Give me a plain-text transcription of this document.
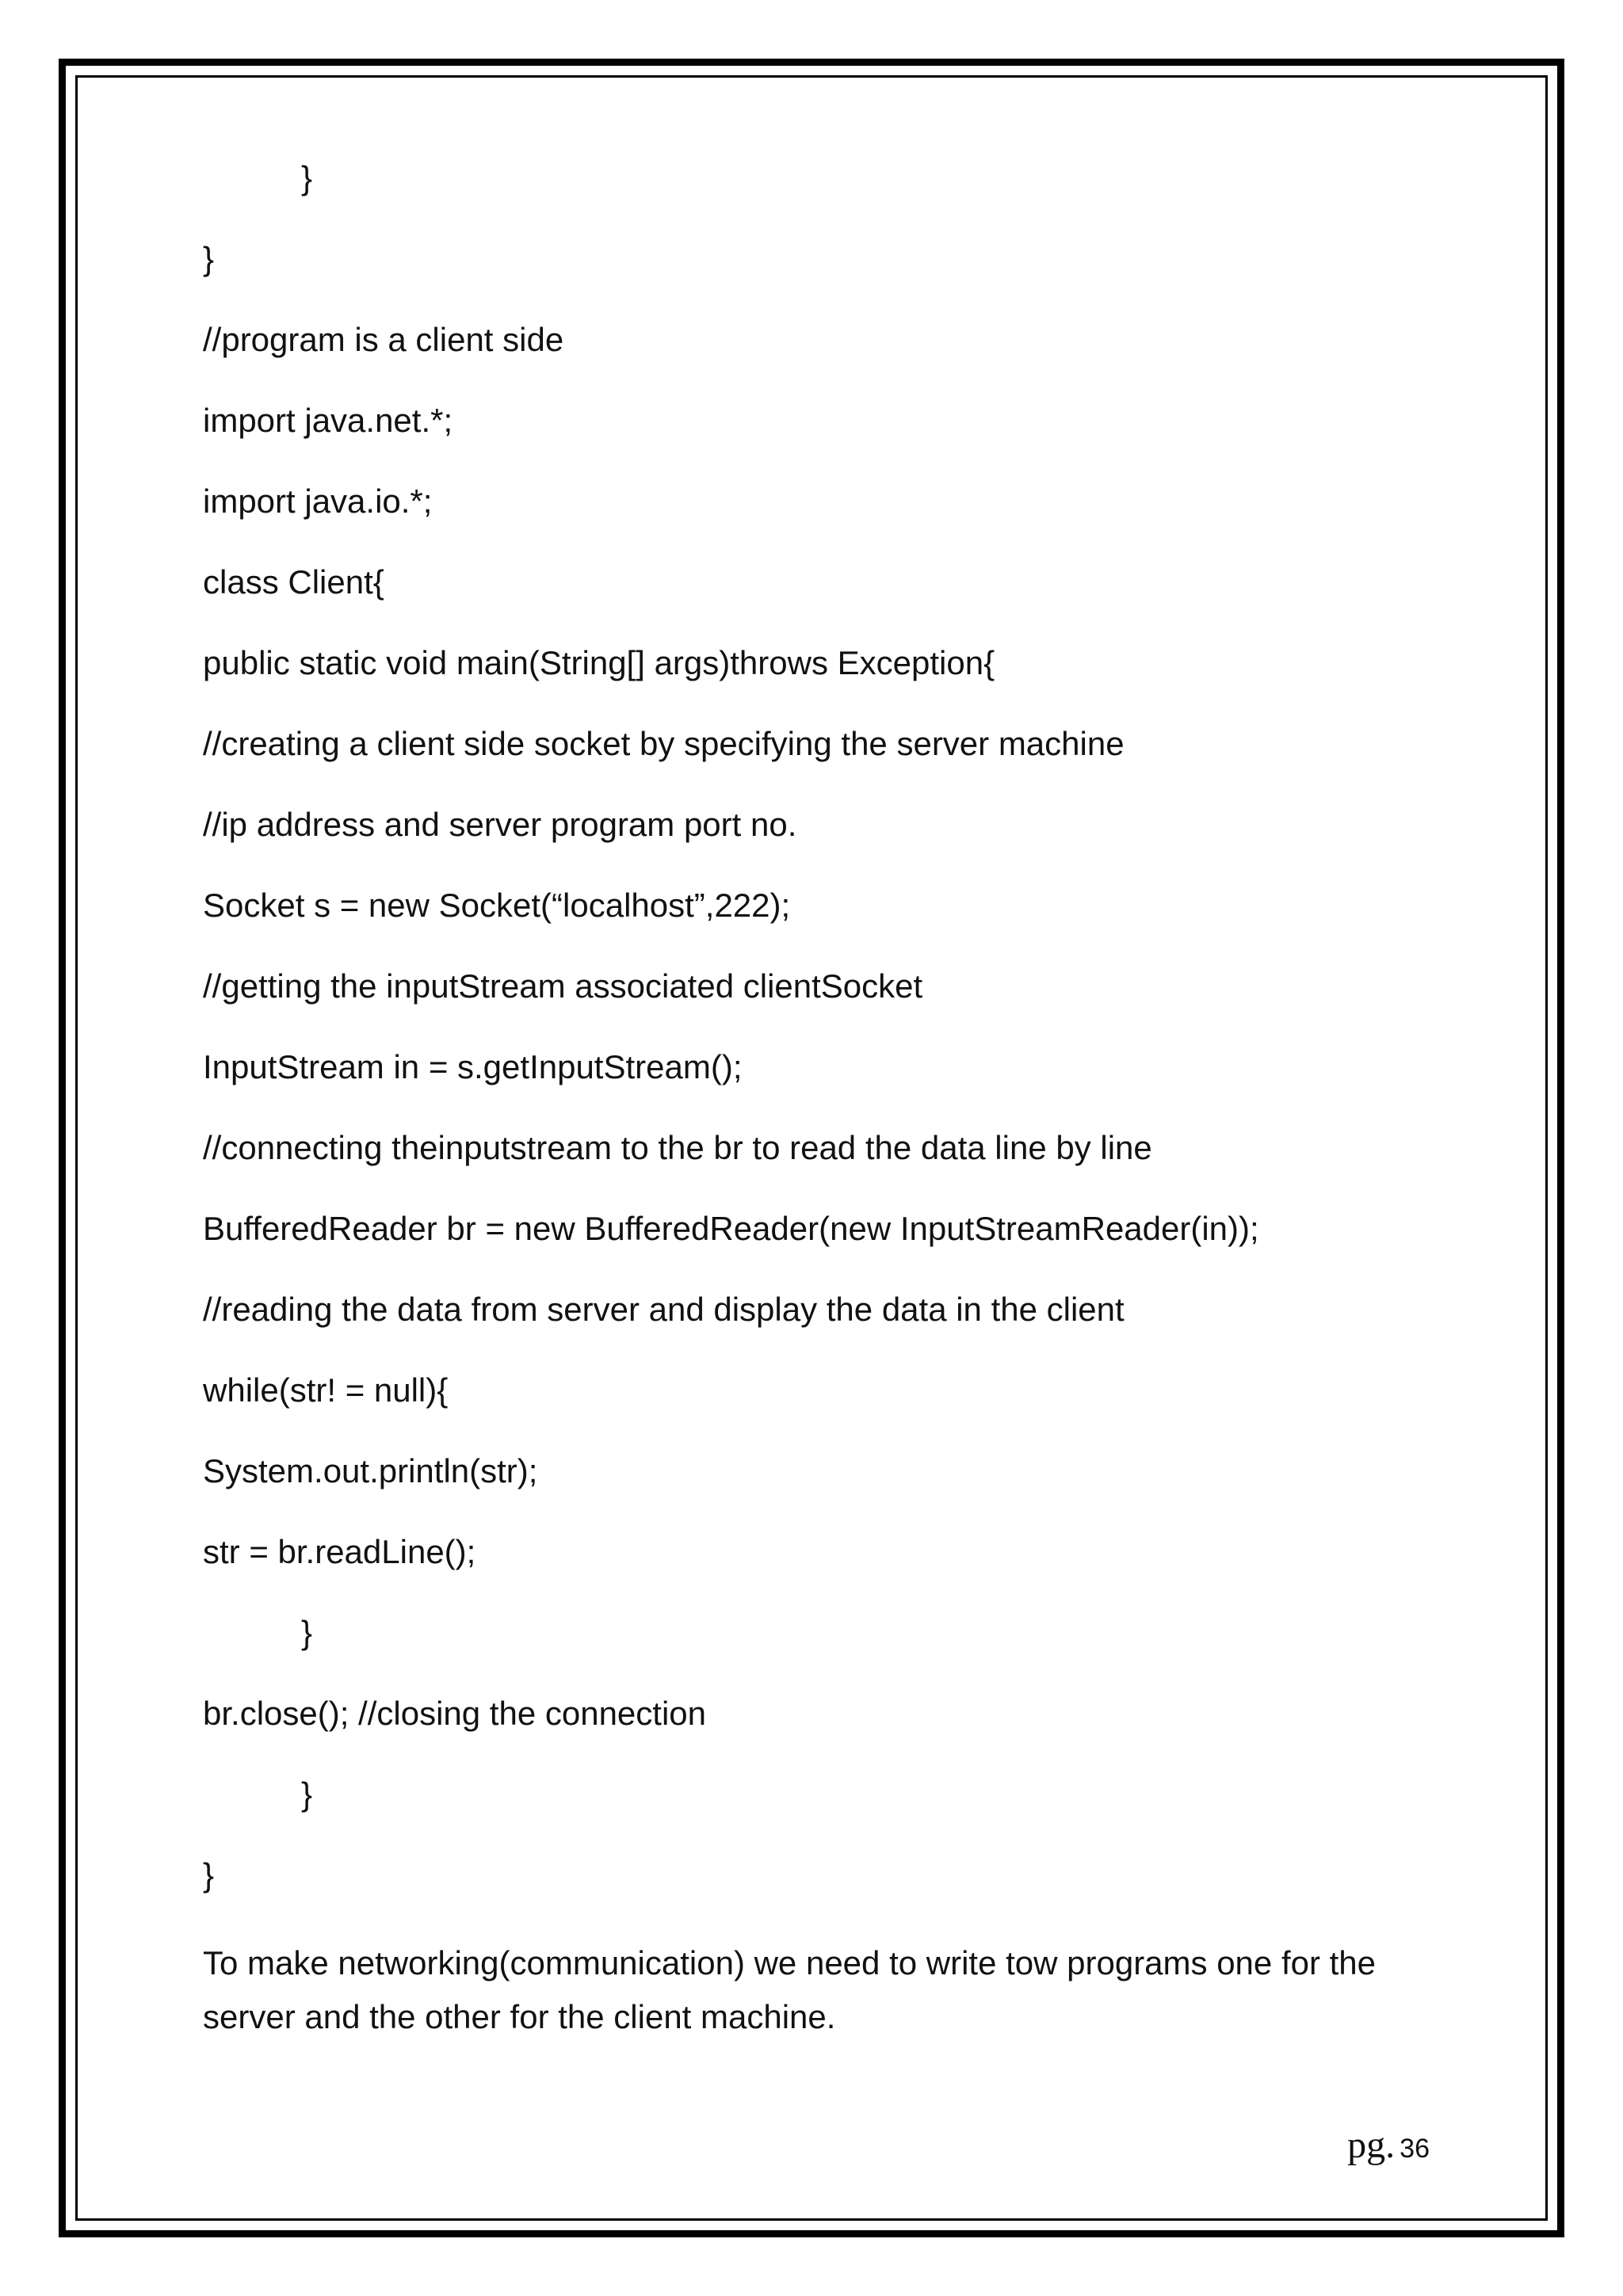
}
}
//program is a client side
import java.net.*;
import java.io.*;
class Client{
public static void main(String[] args)throws Exception{
//creating a client side socket by specifying the server machine
//ip address and server program port no.
Socket s = new Socket(“localhost”,222);
//getting the inputStream associated clientSocket
InputStream in = s.getInputStream();
//connecting theinputstream to the br to read the data line by line
BufferedReader br = new BufferedReader(new InputStreamReader(in));
//reading the data from server and display the data in the client
while(str! = null){
System.out.println(str);
str = br.readLine();
}
br.close(); //closing the connection
}
}
To make networking(communication) we need to write tow programs one for the server and the other for the client machine.
pg. 36
